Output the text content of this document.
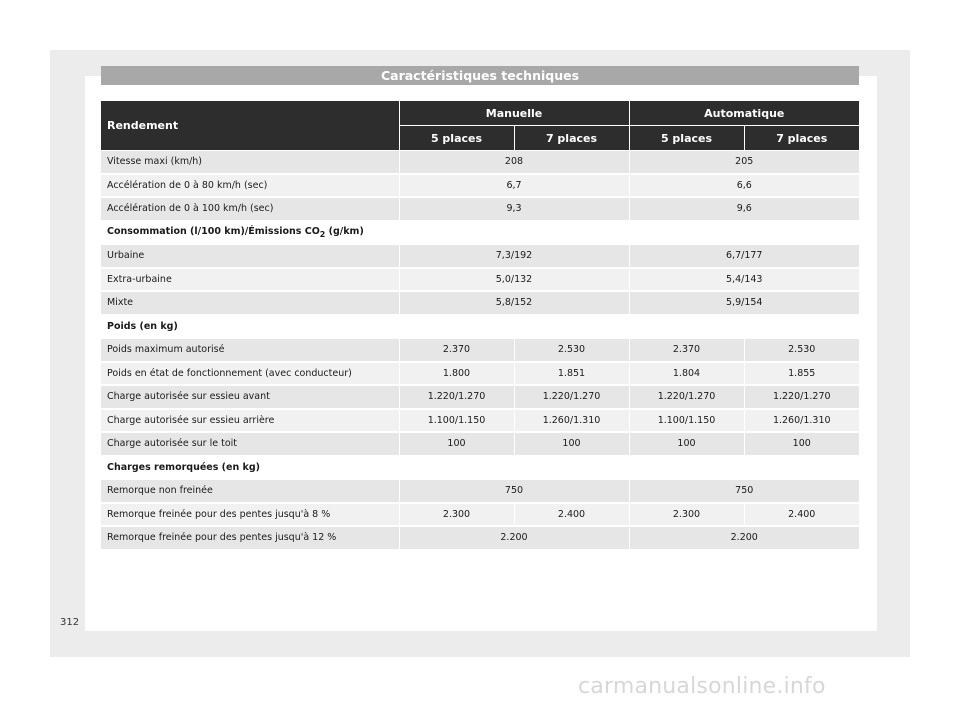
Caractéristiques techniques
Rendement	Manuelle		Automatique	
	5 places	7 places	5 places	7 places
Vitesse maxi (km/h)	208		205	
Accélération de 0 à 80 km/h (sec)	6,7		6,6	
Accélération de 0 à 100 km/h (sec)	9,3		9,6	
Consommation (l/100 km)/Émissions $CO_2$ (g/km)				
Urbaine	7,3/192		6,7/177	
Extra-urbaine	5,0/132		5,4/143	
Mixte	5,8/152		5,9/154	
Poids (en kg)				
Poids maximum autorisé	2.370	2.530	2.370	2.530
Poids en état de fonctionnement (avec conducteur)	1.800	1.851	1.804	1.855
Charge autorisée sur essieu avant	1.220/1.270	1.220/1.270	1.220/1.270	1.220/1.270
Charge autorisée sur essieu arrière	1.100/1.150	1.260/1.310	1.100/1.150	1.260/1.310
Charge autorisée sur le toit	100	100	100	100
Charges remorquées (en kg)				
Remorque non freinée	750		750	
Remorque freinée pour des pentes jusqu'à 8 %	2.300	2.400	2.300	2.400
Remorque freinée pour des pentes jusqu'à 12 %	2.200		2.200	
312
carmanualsonline.info
